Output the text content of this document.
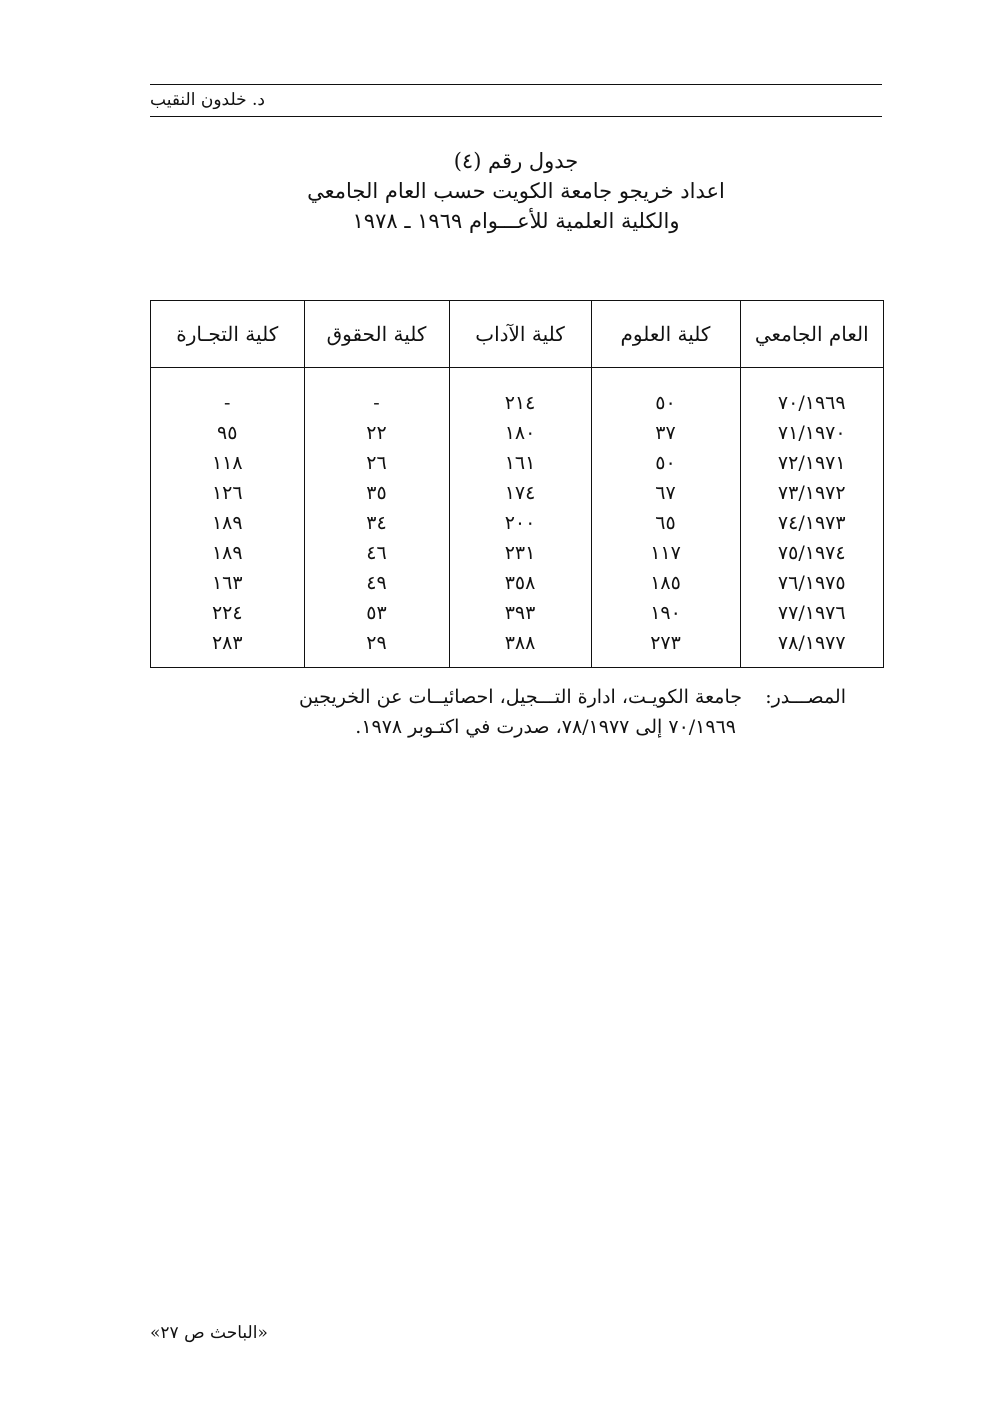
د. خلدون النقيب
جدول رقم (٤)
اعداد خريجو جامعة الكويت حسب العام الجامعي
والكلية العلمية للأعـــوام ١٩٦٩ ـ ١٩٧٨
العام الجامعي	كلية العلوم	كلية الآداب	كلية الحقوق	كلية التجـارة

٧٠/١٩٦٩	٥٠	٢١٤	-	-
٧١/١٩٧٠	٣٧	١٨٠	٢٢	٩٥
٧٢/١٩٧١	٥٠	١٦١	٢٦	١١٨
٧٣/١٩٧٢	٦٧	١٧٤	٣٥	١٢٦
٧٤/١٩٧٣	٦٥	٢٠٠	٣٤	١٨٩
٧٥/١٩٧٤	١١٧	٢٣١	٤٦	١٨٩
٧٦/١٩٧٥	١٨٥	٣٥٨	٤٩	١٦٣
٧٧/١٩٧٦	١٩٠	٣٩٣	٥٣	٢٢٤
٧٨/١٩٧٧	٢٧٣	٣٨٨	٢٩	٢٨٣

المصـــدر:جامعة الكويـت، ادارة التـــجيل، احصائيــات عن الخريجين
٧٠/١٩٦٩ إلى ٧٨/١٩٧٧، صدرت في اكتـوبر ١٩٧٨.
«الباحث ص ٢٧»
